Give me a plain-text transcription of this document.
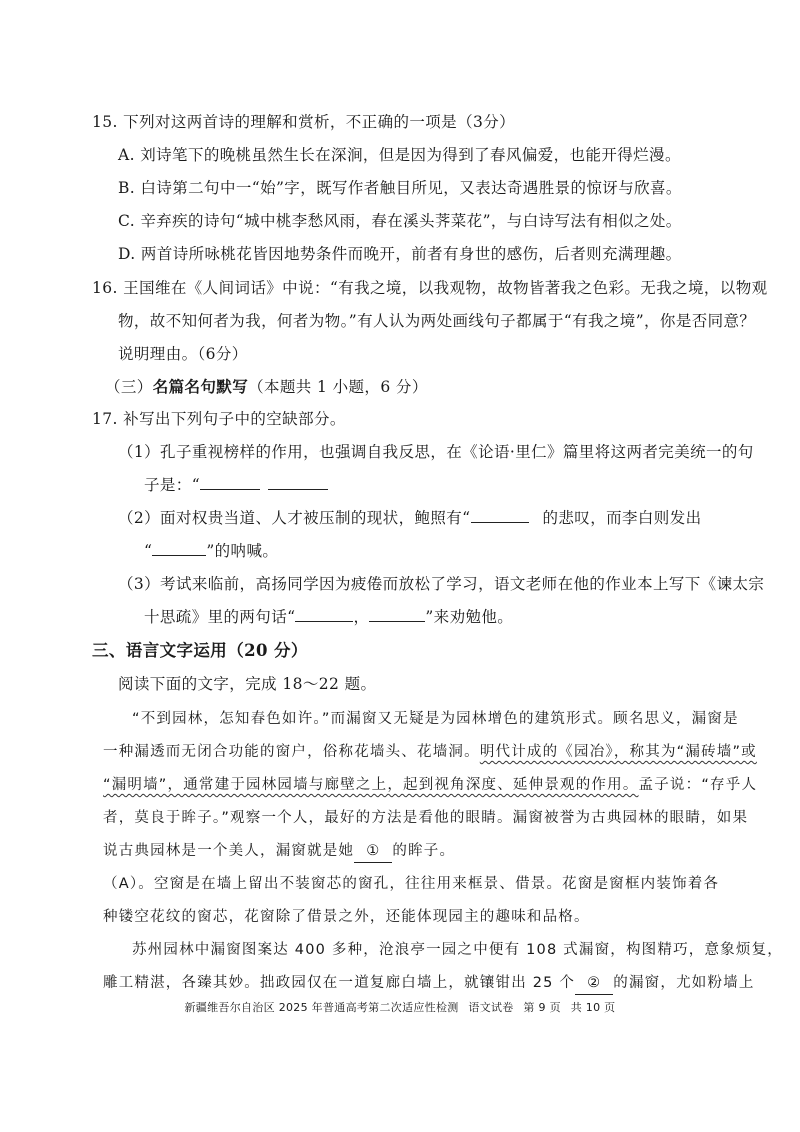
15. 下列对这两首诗的理解和赏析，不正确的一项是（3分）
A. 刘诗笔下的晚桃虽然生长在深涧，但是因为得到了春风偏爱，也能开得烂漫。
B. 白诗第二句中一“始”字，既写作者触目所见，又表达奇遇胜景的惊讶与欣喜。
C. 辛弃疾的诗句“城中桃李愁风雨，春在溪头荠菜花”，与白诗写法有相似之处。
D. 两首诗所咏桃花皆因地势条件而晚开，前者有身世的感伤，后者则充满理趣。
16. 王国维在《人间词话》中说：“有我之境，以我观物，故物皆著我之色彩。无我之境，以物观
物，故不知何者为我，何者为物。”有人认为两处画线句子都属于“有我之境”，你是否同意？
说明理由。（6分）
（三）名篇名句默写（本题共 1 小题，6 分）
17. 补写出下列句子中的空缺部分。
（1）孔子重视榜样的作用，也强调自我反思，在《论语·里仁》篇里将这两者完美统一的句
子是：“
（2）面对权贵当道、人才被压制的现状，鲍照有“	的悲叹，而李白则发出
“	”的呐喊。
（3）考试来临前，高扬同学因为疲倦而放松了学习，语文老师在他的作业本上写下《谏太宗
十思疏》里的两句话“	，	”来劝勉他。
三、语言文字运用（20 分）
阅读下面的文字，完成 18～22 题。
“不到园林，怎知春色如许。”而漏窗又无疑是为园林增色的建筑形式。顾名思义，漏窗是
一种漏透而无闭合功能的窗户，俗称花墙头、花墙洞。明代计成的《园冶》，称其为“漏砖墙”或
“漏明墙”，通常建于园林园墙与廊壁之上，起到视角深度、延伸景观的作用。孟子说：“存乎人
者，莫良于眸子。”观察一个人，最好的方法是看他的眼睛。漏窗被誉为古典园林的眼睛，如果
说古典园林是一个美人，漏窗就是她 ① 的眸子。
（A）。空窗是在墙上留出不装窗芯的窗孔，往往用来框景、借景。花窗是窗框内装饰着各
种镂空花纹的窗芯，花窗除了借景之外，还能体现园主的趣味和品格。
苏州园林中漏窗图案达 400 多种，沧浪亭一园之中便有 108 式漏窗，构图精巧，意象烦复，
雕工精湛，各臻其妙。拙政园仅在一道复廊白墙上，就镶钳出 25 个 ② 的漏窗，尤如粉墙上
新疆维吾尔自治区 2025 年普通高考第二次适应性检测 语文试卷 第 9 页 共 10 页
